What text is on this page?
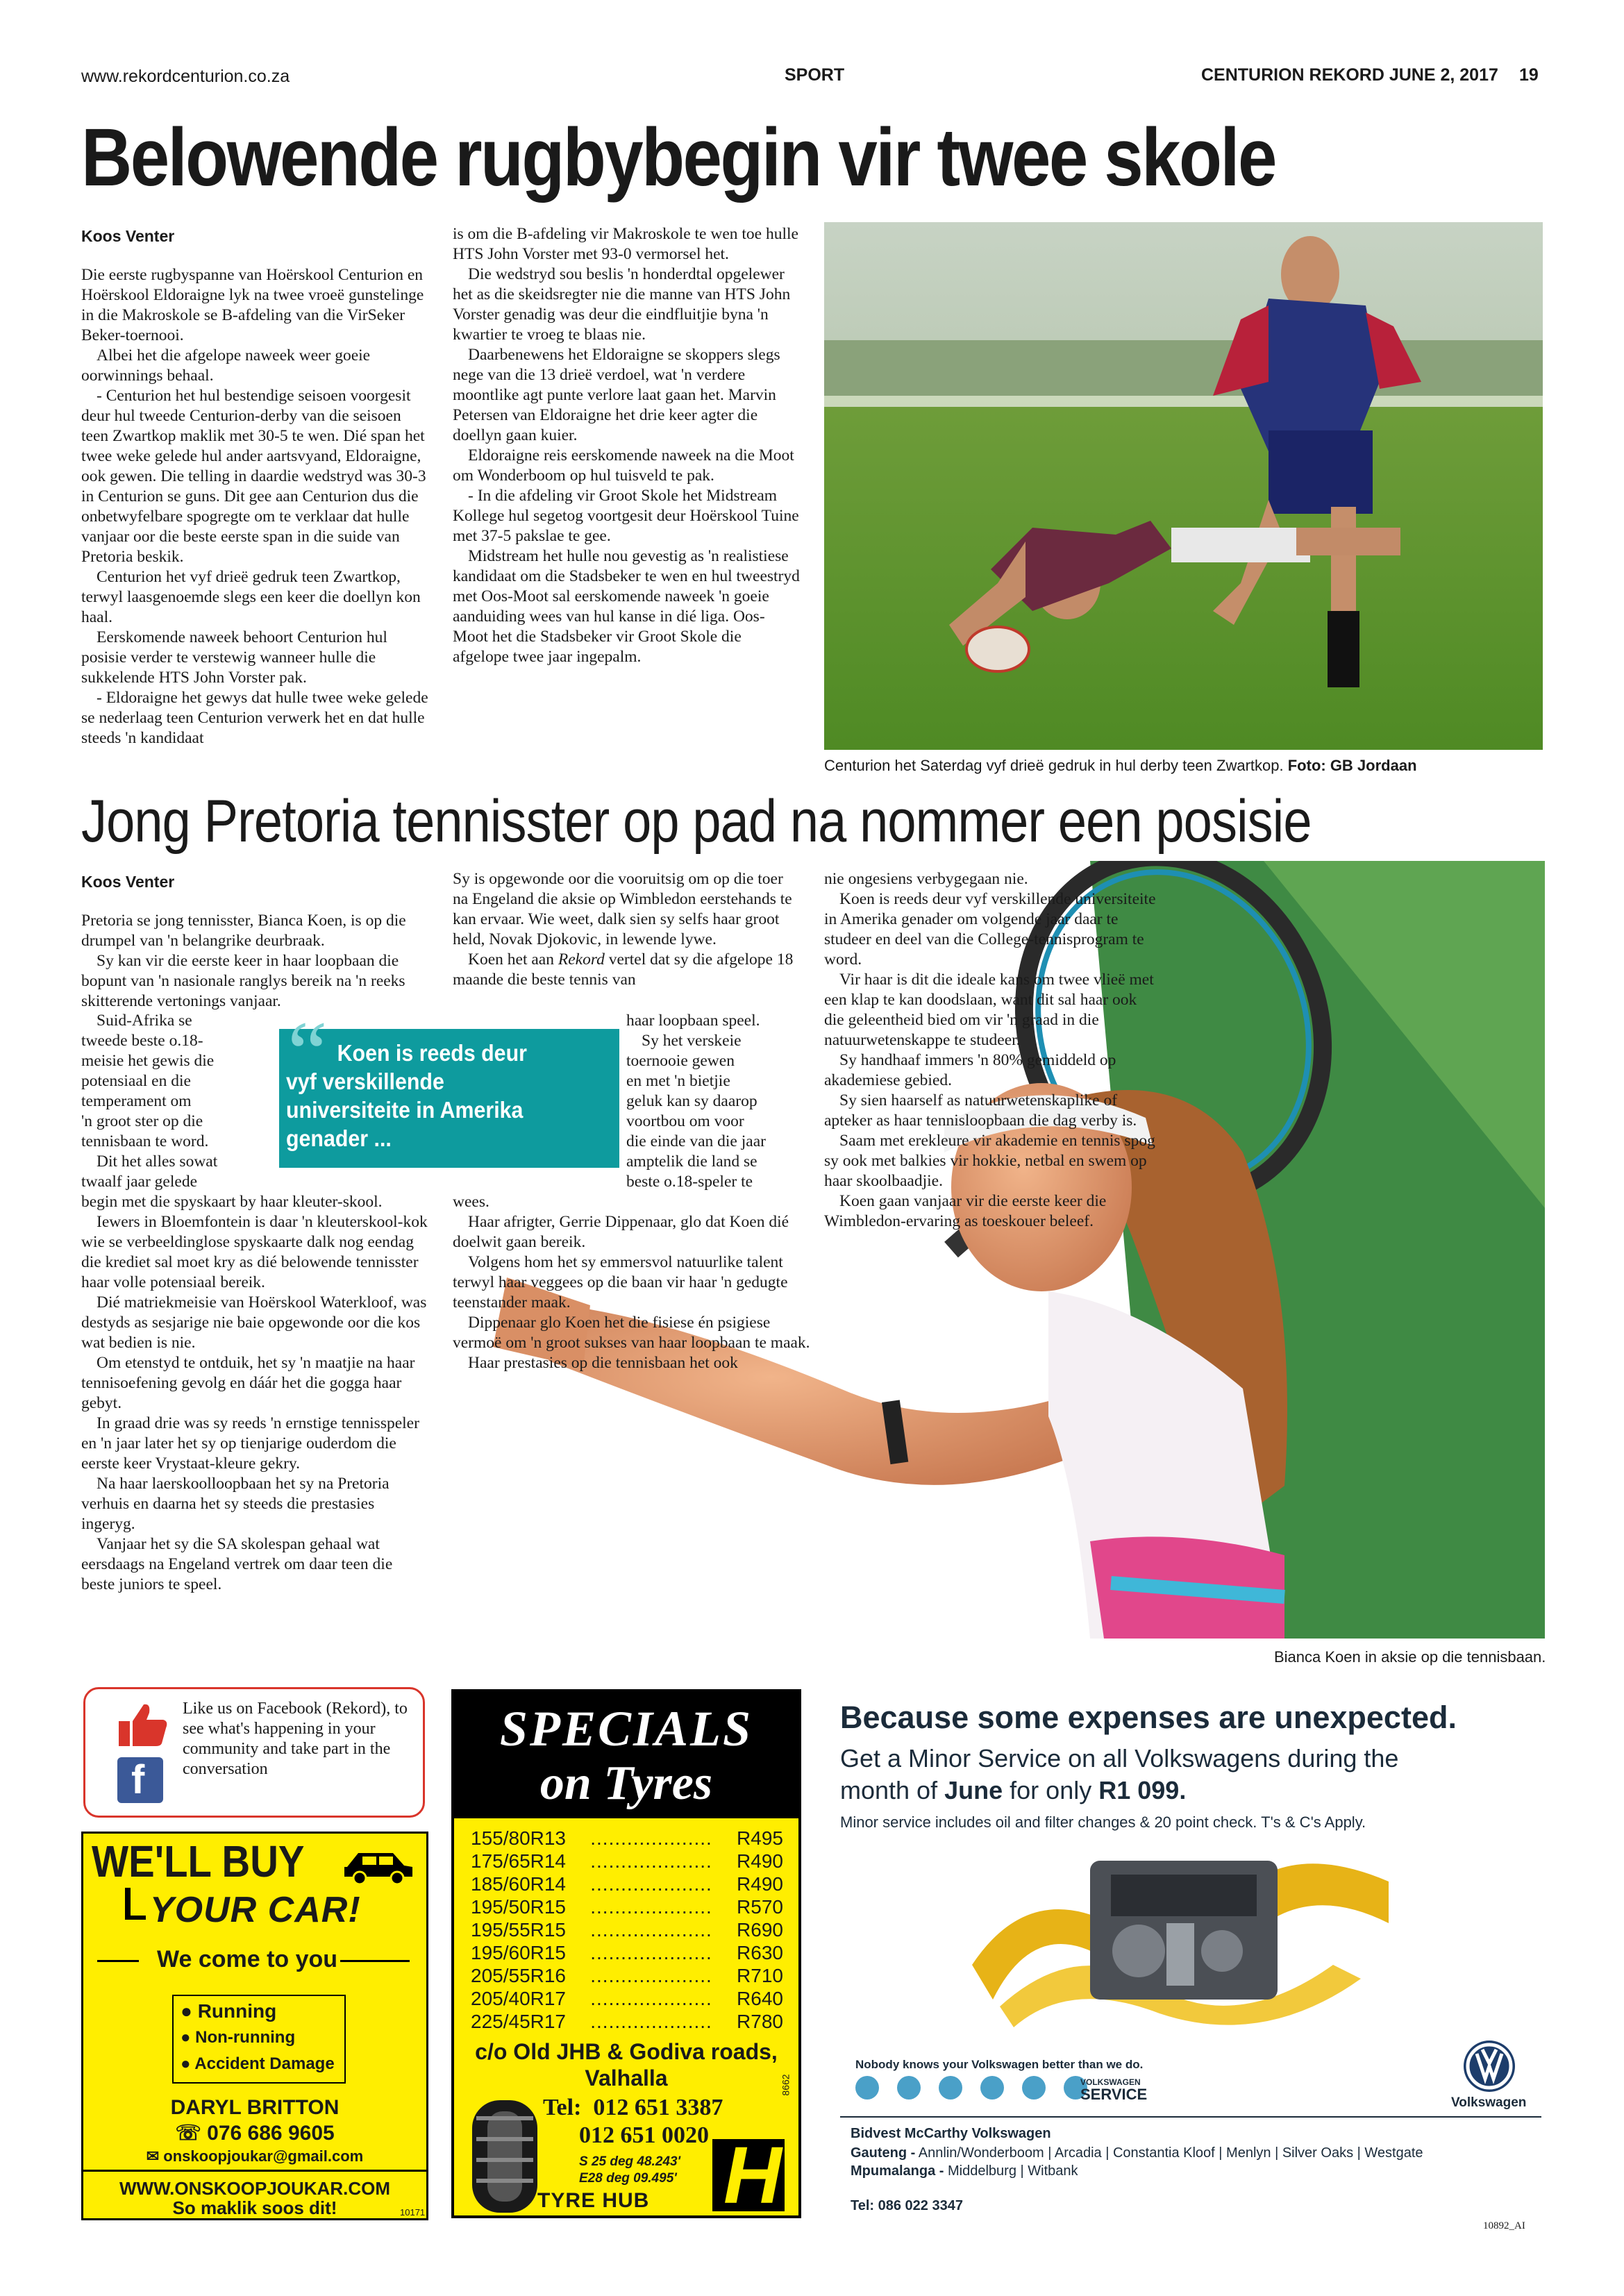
www.rekordcenturion.co.za	SPORT	CENTURION REKORD JUNE 2, 2017 19
Belowende rugbybegin vir twee skole
Koos Venter

Die eerste rugbyspanne van Hoërskool Centurion en Hoërskool Eldoraigne lyk na twee vroeë gunstelinge in die Makroskole se B-afdeling van die VirSeker Beker-toernooi.

Albei het die afgelope naweek weer goeie oorwinnings behaal.

- Centurion het hul bestendige seisoen voorgesit deur hul tweede Centurion-derby van die seisoen teen Zwartkop maklik met 30-5 te wen. Dié span het twee weke gelede hul ander aartsvyand, Eldoraigne, ook gewen. Die telling in daardie wedstryd was 30-3 in Centurion se guns. Dit gee aan Centurion dus die onbetwyfelbare spogregte om te verklaar dat hulle vanjaar oor die beste eerste span in die suide van Pretoria beskik.

Centurion het vyf drieë gedruk teen Zwartkop, terwyl laasgenoemde slegs een keer die doellyn kon haal.

Eerskomende naweek behoort Centurion hul posisie verder te verstewig wanneer hulle die sukkelende HTS John Vorster pak.

- Eldoraigne het gewys dat hulle twee weke gelede se nederlaag teen Centurion verwerk het en dat hulle steeds 'n kandidaat

is om die B-afdeling vir Makroskole te wen toe hulle HTS John Vorster met 93-0 vermorsel het.

Die wedstryd sou beslis 'n honderdtal opgelewer het as die skeidsregter nie die manne van HTS John Vorster genadig was deur die eindfluitjie byna 'n kwartier te vroeg te blaas nie.

Daarbenewens het Eldoraigne se skoppers slegs nege van die 13 drieë verdoel, wat 'n verdere moontlike agt punte verlore laat gaan het. Marvin Petersen van Eldoraigne het drie keer agter die doellyn gaan kuier.

Eldoraigne reis eerskomende naweek na die Moot om Wonderboom op hul tuisveld te pak.

- In die afdeling vir Groot Skole het Midstream Kollege hul segetog voortgesit deur Hoërskool Tuine met 37-5 pakslae te gee.

Midstream het hulle nou gevestig as 'n realistiese kandidaat om die Stadsbeker te wen en hul tweestryd met Oos-Moot sal eerskomende naweek 'n goeie aanduiding wees van hul kanse in dié liga. Oos-Moot het die Stadsbeker vir Groot Skole die afgelope twee jaar ingepalm.

Centurion het Saterdag vyf drieë gedruk in hul derby teen Zwartkop. Foto: GB Jordaan
Jong Pretoria tennisster op pad na nommer een posisie
Koos Venter

Pretoria se jong tennisster, Bianca Koen, is op die drumpel van 'n belangrike deurbraak.

Sy kan vir die eerste keer in haar loopbaan die bopunt van 'n nasionale ranglys bereik na 'n reeks skitterende vertonings vanjaar.

Suid-Afrika se
tweede beste o.18-
meisie het gewis die
potensiaal en die
temperament om
'n groot ster op die
tennisbaan te word.
Dit het alles sowat
twaalf jaar gelede

begin met die spyskaart by haar kleuter-skool.

Iewers in Bloemfontein is daar 'n kleuterskool-kok wie se verbeeldinglose spyskaarte dalk nog eendag die krediet sal moet kry as dié belowende tennisster haar volle potensiaal bereik.

Dié matriekmeisie van Hoërskool Waterkloof, was destyds as sesjarige nie baie opgewonde oor die kos wat bedien is nie.

Om etenstyd te ontduik, het sy 'n maatjie na haar tennisoefening gevolg en dáár het die gogga haar gebyt.

In graad drie was sy reeds 'n ernstige tennisspeler en 'n jaar later het sy op tienjarige ouderdom die eerste keer Vrystaat-kleure gekry.

Na haar laerskoolloopbaan het sy na Pretoria verhuis en daarna het sy steeds die prestasies ingeryg.

Vanjaar het sy die SA skolespan gehaal wat eersdaags na Engeland vertrek om daar teen die beste juniors te speel.

“ Koen is reeds deur vyf verskillende universiteite in Amerika genader ...

Sy is opgewonde oor die vooruitsig om op die toer na Engeland die aksie op Wimbledon eerstehands te kan ervaar. Wie weet, dalk sien sy selfs haar groot held, Novak Djokovic, in lewende lywe.

Koen het aan Rekord vertel dat sy die afgelope 18 maande die beste tennis van

haar loopbaan speel.
Sy het verskeie
toernooie gewen
en met 'n bietjie
geluk kan sy daarop
voortbou om voor
die einde van die jaar
amptelik die land se
beste o.18-speler te

wees.

Haar afrigter, Gerrie Dippenaar, glo dat Koen dié doelwit gaan bereik.

Volgens hom het sy emmersvol natuurlike talent terwyl haar veggees op die baan vir haar 'n gedugte teenstander maak.

Dippenaar glo Koen het die fisiese én psigiese vermoë om 'n groot sukses van haar loopbaan te maak.

Haar prestasies op die tennisbaan het ook

nie ongesiens verbygegaan nie.

Koen is reeds deur vyf verskillende universiteite in Amerika genader om volgende jaar daar te studeer en deel van die College-tennisprogram te word.

Vir haar is dit die ideale kans om twee vlieë met een klap te kan doodslaan, want dit sal haar ook die geleentheid bied om vir 'n graad in die natuurwetenskappe te studeer.

Sy handhaaf immers 'n 80% gemiddeld op akademiese gebied.

Sy sien haarself as natuurwetenskaplike of apteker as haar tennisloopbaan die dag verby is.

Saam met erekleure vir akademie en tennis spog sy ook met balkies vir hokkie, netbal en swem op haar skoolbaadjie.

Koen gaan vanjaar vir die eerste keer die Wimbledon-ervaring as toeskouer beleef.

Bianca Koen in aksie op die tennisbaan.
f
Like us on Facebook (Rekord), to see what's happening in your community and take part in the conversation
WE'LL BUY
YOUR CAR!
We come to you
● Running
● Non-running
● Accident Damage
DARYL BRITTON
☏ 076 686 9605
✉ onskoopjoukar@gmail.com
WWW.ONSKOOPJOUKAR.COM
So maklik soos dit!	10171
SPECIALS
on Tyres
155/80R13 .................... R495
175/65R14 .................... R490
185/60R14 .................... R490
195/50R15 .................... R570
195/55R15 .................... R690
195/60R15 .................... R630
205/55R16 .................... R710
205/40R17 .................... R640
225/45R17 .................... R780
c/o Old JHB & Godiva roads,
Valhalla
Tel: 012 651 3387
012 651 0020
S 25 deg 48.243'
E28 deg 09.495'
TYRE HUB H
8662
Because some expenses are unexpected.
Get a Minor Service on all Volkswagens during the
month of June for only R1 099.
Minor service includes oil and filter changes & 20 point check. T's & C's Apply.
Nobody knows your Volkswagen better than we do.
VOLKSWAGEN
SERVICE	Volkswagen
Bidvest McCarthy Volkswagen
Gauteng - Annlin/Wonderboom | Arcadia | Constantia Kloof | Menlyn | Silver Oaks | Westgate
Mpumalanga - Middelburg | Witbank
Tel: 086 022 3347
10892_AI
